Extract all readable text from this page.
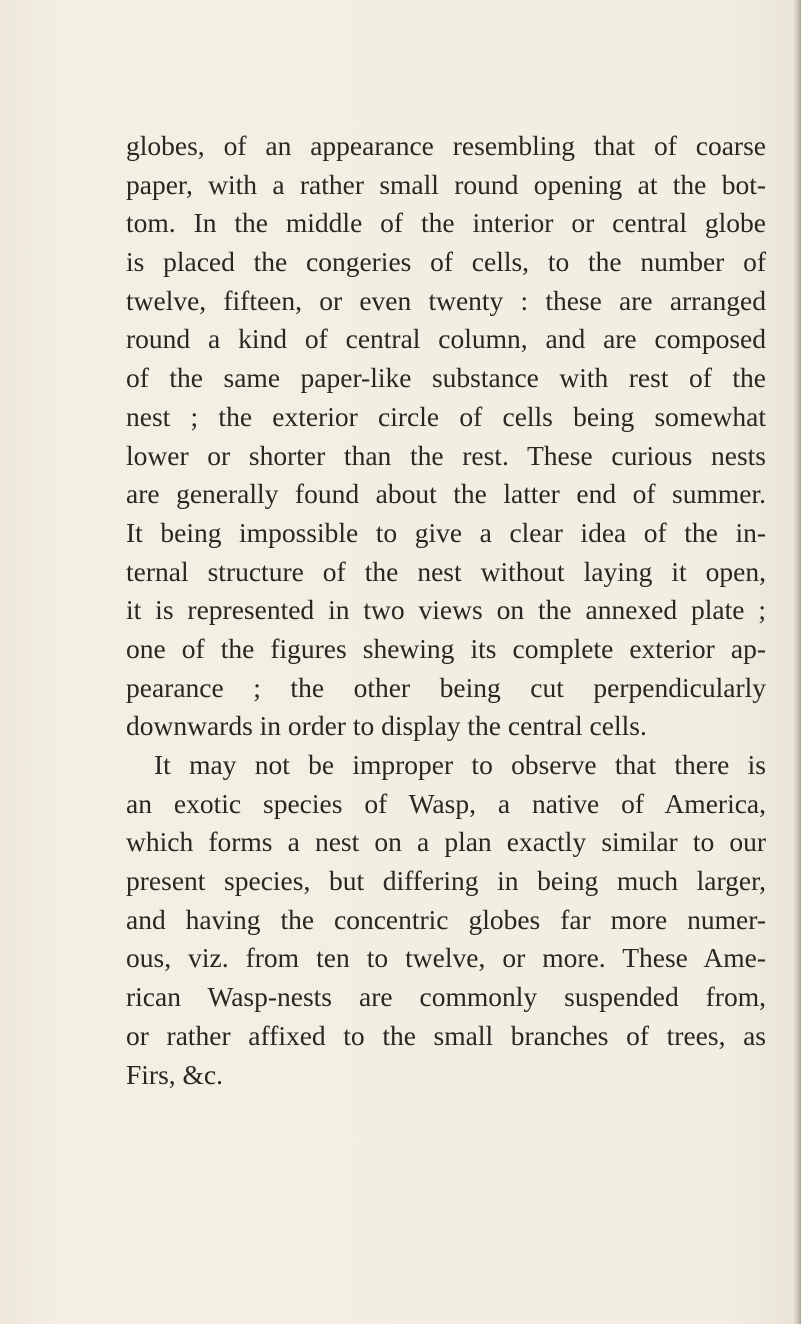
globes, of an appearance resembling that of coarse
paper, with a rather small round opening at the bot-
tom. In the middle of the interior or central globe
is placed the congeries of cells, to the number of
twelve, fifteen, or even twenty : these are arranged
round a kind of central column, and are composed
of the same paper-like substance with rest of the
nest ; the exterior circle of cells being somewhat
lower or shorter than the rest. These curious nests
are generally found about the latter end of summer.
It being impossible to give a clear idea of the in-
ternal structure of the nest without laying it open,
it is represented in two views on the annexed plate ;
one of the figures shewing its complete exterior ap-
pearance ; the other being cut perpendicularly
downwards in order to display the central cells.
It may not be improper to observe that there is
an exotic species of Wasp, a native of America,
which forms a nest on a plan exactly similar to our
present species, but differing in being much larger,
and having the concentric globes far more numer-
ous, viz. from ten to twelve, or more. These Ame-
rican Wasp-nests are commonly suspended from,
or rather affixed to the small branches of trees, as
Firs, &c.
